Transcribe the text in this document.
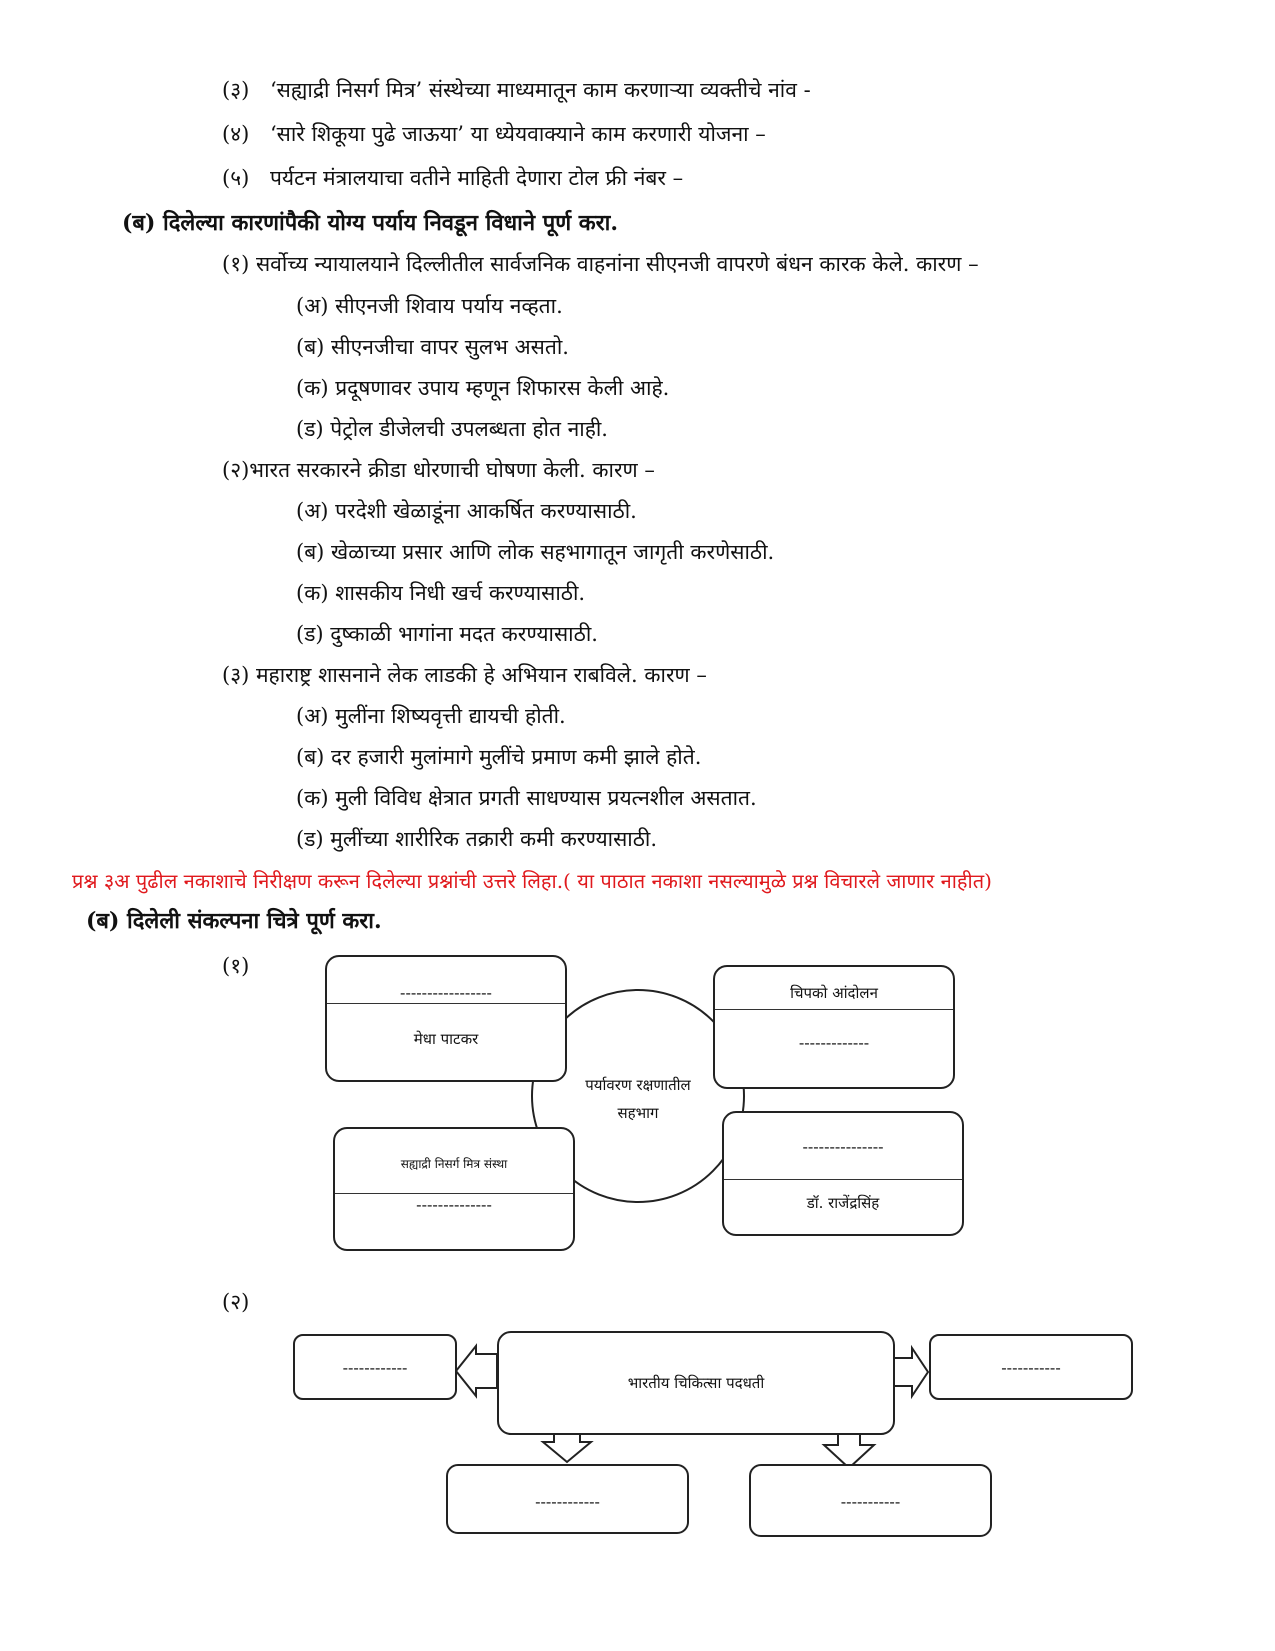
(३) ‘सह्याद्री निसर्ग मित्र’ संस्थेच्या माध्यमातून काम करणाऱ्या व्यक्तीचे नांव -
(४) ‘सारे शिकूया पुढे जाऊया’ या ध्येयवाक्याने काम करणारी योजना –
(५) पर्यटन मंत्रालयाचा वतीने माहिती देणारा टोल फ्री नंबर –
(ब) दिलेल्या कारणांपैकी योग्य पर्याय निवडून विधाने पूर्ण करा.
(१) सर्वोच्य न्यायालयाने दिल्लीतील सार्वजनिक वाहनांना सीएनजी वापरणे बंधन कारक केले. कारण –
(अ) सीएनजी शिवाय पर्याय नव्हता.
(ब) सीएनजीचा वापर सुलभ असतो.
(क) प्रदूषणावर उपाय म्हणून शिफारस केली आहे.
(ड) पेट्रोल डीजेलची उपलब्धता होत नाही.
(२)भारत सरकारने क्रीडा धोरणाची घोषणा केली. कारण –
(अ) परदेशी खेळाडूंना आकर्षित करण्यासाठी.
(ब) खेळाच्या प्रसार आणि लोक सहभागातून जागृती करणेसाठी.
(क) शासकीय निधी खर्च करण्यासाठी.
(ड) दुष्काळी भागांना मदत करण्यासाठी.
(३) महाराष्ट्र शासनाने लेक लाडकी हे अभियान राबविले. कारण –
(अ) मुलींना शिष्यवृत्ती द्यायची होती.
(ब) दर हजारी मुलांमागे मुलींचे प्रमाण कमी झाले होते.
(क) मुली विविध क्षेत्रात प्रगती साधण्यास प्रयत्नशील असतात.
(ड) मुलींच्या शारीरिक तक्रारी कमी करण्यासाठी.
प्रश्न ३अ पुढील नकाशाचे निरीक्षण करून दिलेल्या प्रश्नांची उत्तरे लिहा.( या पाठात नकाशा नसल्यामुळे प्रश्न विचारले जाणार नाहीत)
(ब) दिलेली संकल्पना चित्रे पूर्ण करा.
(१)
पर्यावरण रक्षणातील
सहभाग
-----------------
मेधा पाटकर
चिपको आंदोलन
-------------
सह्याद्री निसर्ग मित्र संस्था
--------------
---------------
डॉ. राजेंद्रसिंह
(२)
भारतीय चिकित्सा पदधती
------------	-----------
------------	-----------
